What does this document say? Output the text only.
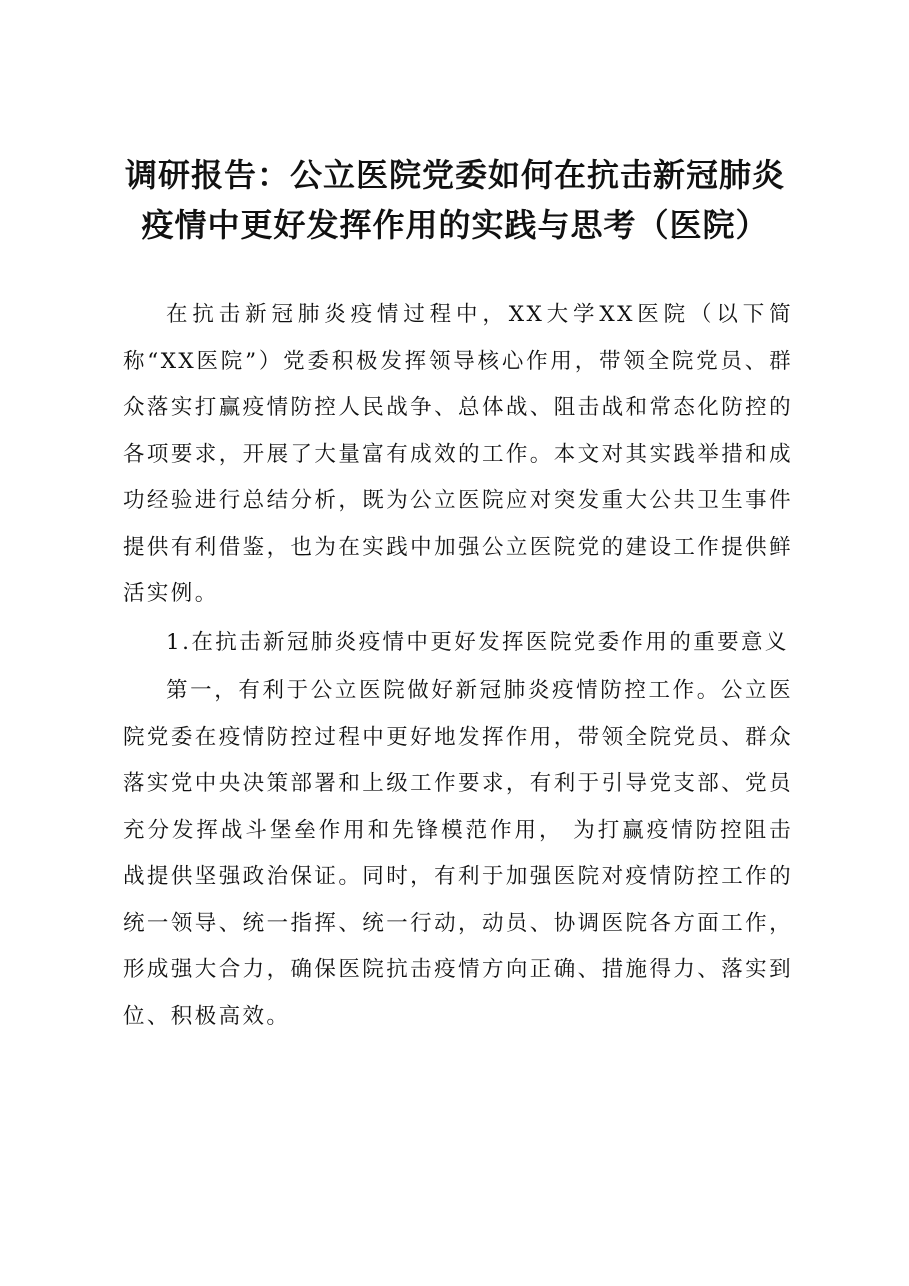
调研报告：公立医院党委如何在抗击新冠肺炎
疫情中更好发挥作用的实践与思考（医院）

在抗击新冠肺炎疫情过程中，XX大学XX医院（以下简称“XX医院”）党委积极发挥领导核心作用，带领全院党员、群众落实打赢疫情防控人民战争、总体战、阻击战和常态化防控的各项要求，开展了大量富有成效的工作。本文对其实践举措和成功经验进行总结分析，既为公立医院应对突发重大公共卫生事件提供有利借鉴，也为在实践中加强公立医院党的建设工作提供鲜活实例。

1.在抗击新冠肺炎疫情中更好发挥医院党委作用的重要意义

第一，有利于公立医院做好新冠肺炎疫情防控工作。公立医院党委在疫情防控过程中更好地发挥作用，带领全院党员、群众落实党中央决策部署和上级工作要求，有利于引导党支部、党员充分发挥战斗堡垒作用和先锋模范作用， 为打赢疫情防控阻击战提供坚强政治保证。同时，有利于加强医院对疫情防控工作的统一领导、统一指挥、统一行动，动员、协调医院各方面工作，形成强大合力，确保医院抗击疫情方向正确、措施得力、落实到位、积极高效。
